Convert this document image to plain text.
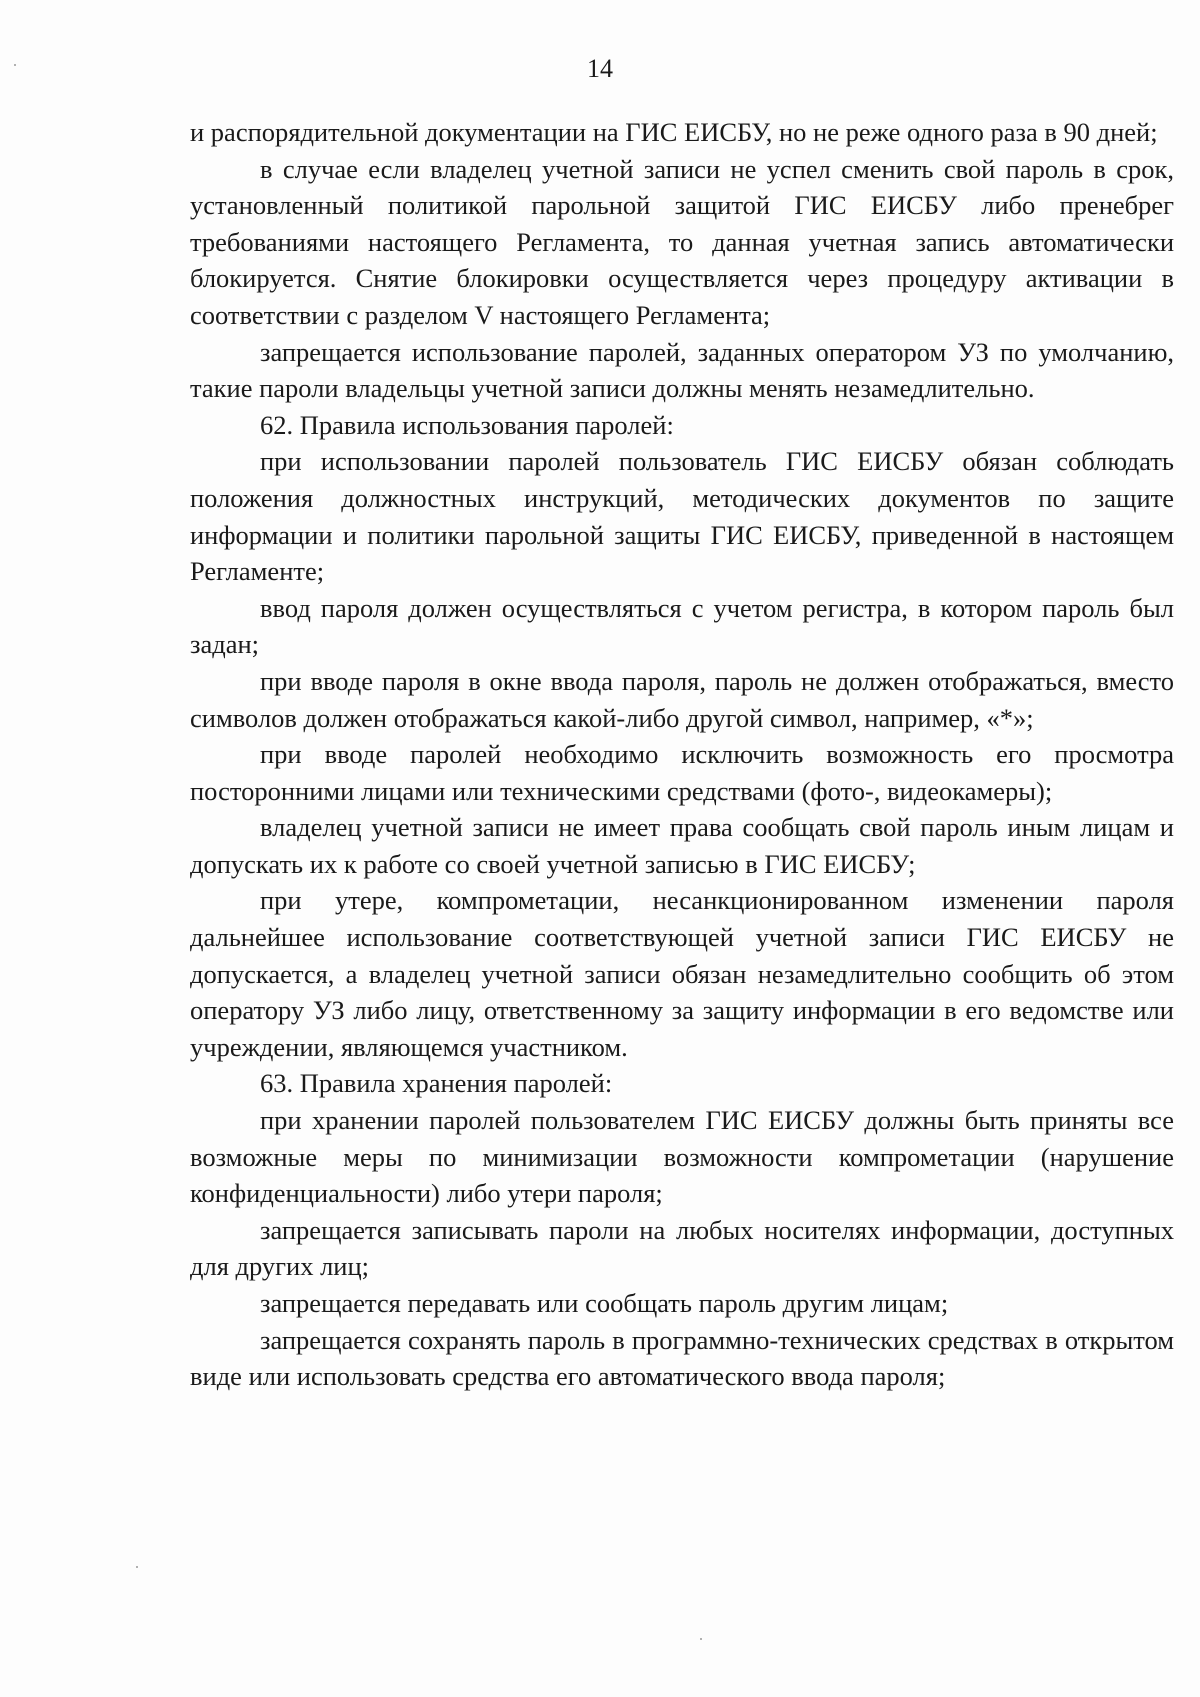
14

и распорядительной документации на ГИС ЕИСБУ, но не реже одного раза в 90 дней;

в случае если владелец учетной записи не успел сменить свой пароль в срок, установленный политикой парольной защитой ГИС ЕИСБУ либо пренебрег требованиями настоящего Регламента, то данная учетная запись автоматически блокируется. Снятие блокировки осуществляется через процедуру активации в соответствии с разделом V настоящего Регламента;

запрещается использование паролей, заданных оператором УЗ по умолчанию, такие пароли владельцы учетной записи должны менять незамедлительно.

62. Правила использования паролей:

при использовании паролей пользователь ГИС ЕИСБУ обязан соблюдать положения должностных инструкций, методических документов по защите информации и политики парольной защиты ГИС ЕИСБУ, приведенной в настоящем Регламенте;

ввод пароля должен осуществляться с учетом регистра, в котором пароль был задан;

при вводе пароля в окне ввода пароля, пароль не должен отображаться, вместо символов должен отображаться какой-либо другой символ, например, «*»;

при вводе паролей необходимо исключить возможность его просмотра посторонними лицами или техническими средствами (фото-, видеокамеры);

владелец учетной записи не имеет права сообщать свой пароль иным лицам и допускать их к работе со своей учетной записью в ГИС ЕИСБУ;

при утере, компрометации, несанкционированном изменении пароля дальнейшее использование соответствующей учетной записи ГИС ЕИСБУ не допускается, а владелец учетной записи обязан незамедлительно сообщить об этом оператору УЗ либо лицу, ответственному за защиту информации в его ведомстве или учреждении, являющемся участником.

63. Правила хранения паролей:

при хранении паролей пользователем ГИС ЕИСБУ должны быть приняты все возможные меры по минимизации возможности компрометации (нарушение конфиденциальности) либо утери пароля;

запрещается записывать пароли на любых носителях информации, доступных для других лиц;

запрещается передавать или сообщать пароль другим лицам;

запрещается сохранять пароль в программно-технических средствах в открытом виде или использовать средства его автоматического ввода пароля;
